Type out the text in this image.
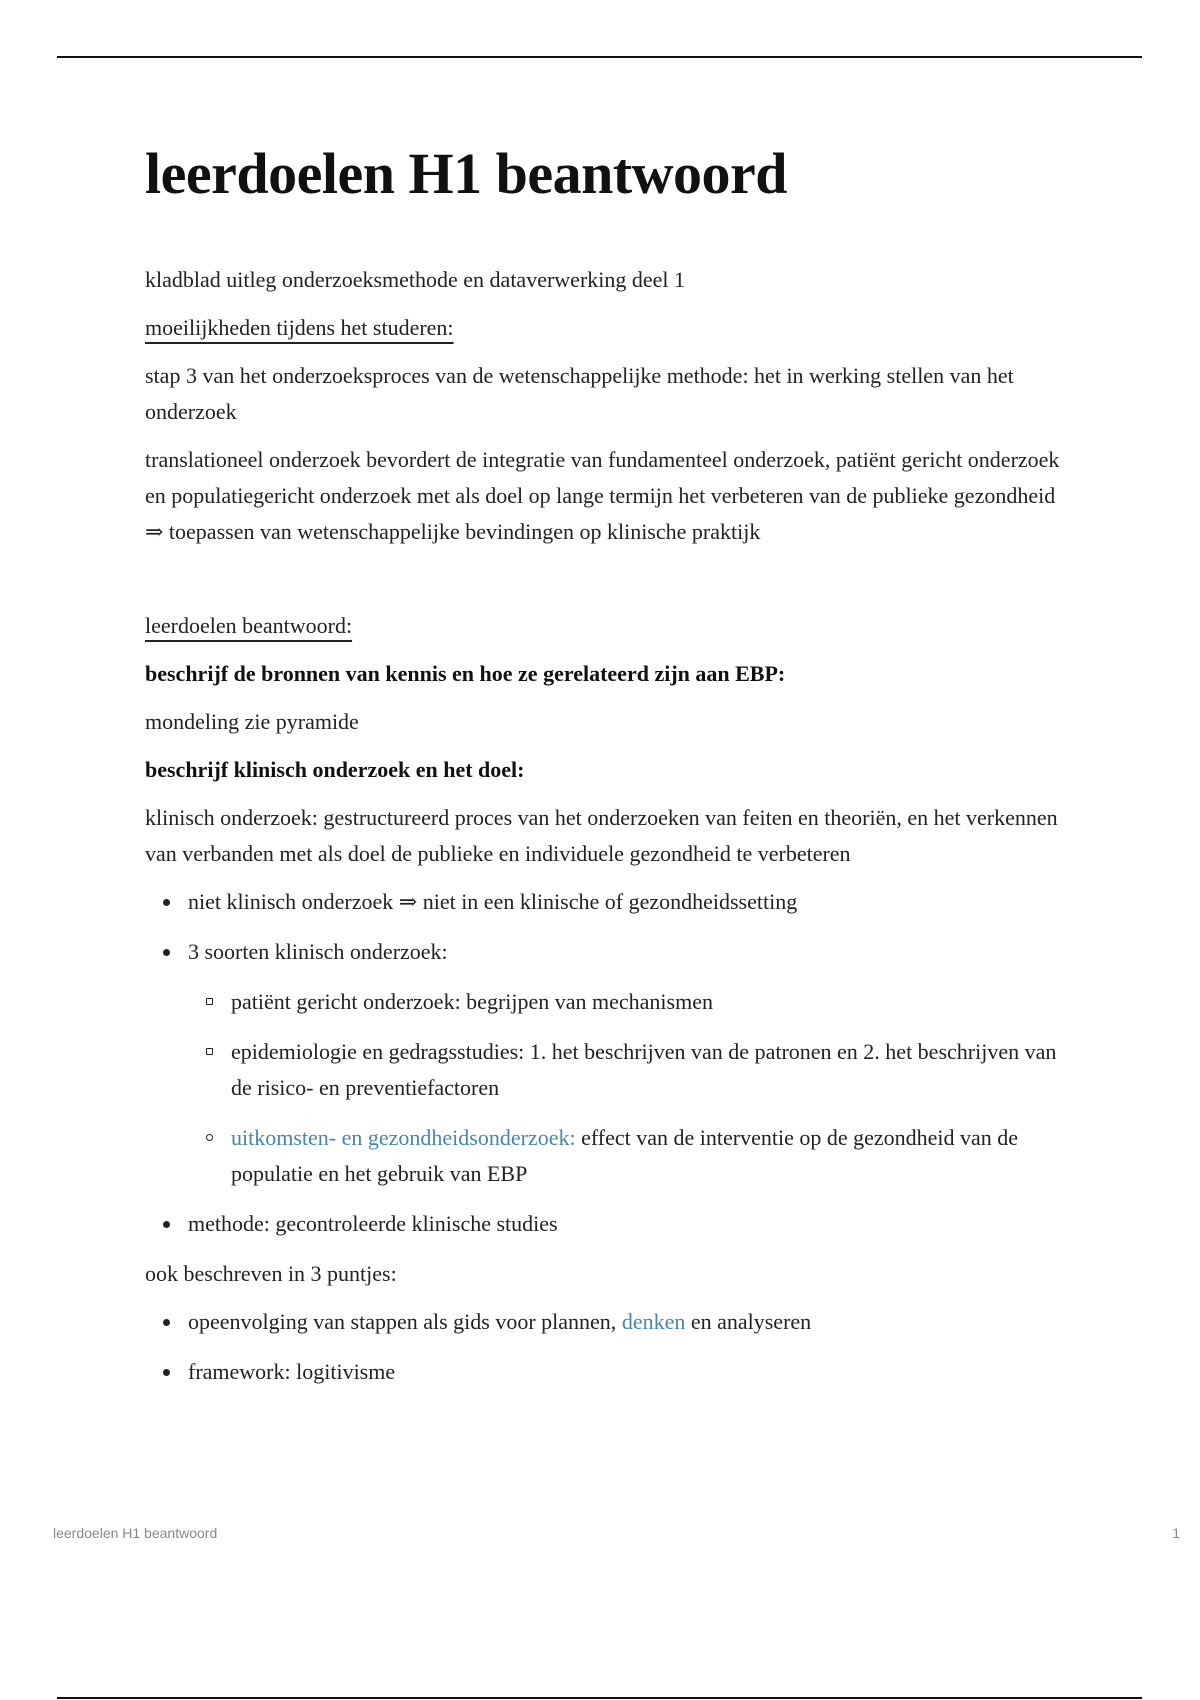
leerdoelen H1 beantwoord

kladblad uitleg onderzoeksmethode en dataverwerking deel 1

moeilijkheden tijdens het studeren:

stap 3 van het onderzoeksproces van de wetenschappelijke methode: het in werking stellen van het onderzoek

translationeel onderzoek bevordert de integratie van fundamenteel onderzoek, patiënt gericht onderzoek en populatiegericht onderzoek met als doel op lange termijn het verbeteren van de publieke gezondheid ⇒ toepassen van wetenschappelijke bevindingen op klinische praktijk

leerdoelen beantwoord:

beschrijf de bronnen van kennis en hoe ze gerelateerd zijn aan EBP:

mondeling zie pyramide

beschrijf klinisch onderzoek en het doel:

klinisch onderzoek: gestructureerd proces van het onderzoeken van feiten en theoriën, en het verkennen van verbanden met als doel de publieke en individuele gezondheid te verbeteren

niet klinisch onderzoek ⇒ niet in een klinische of gezondheidssetting
3 soorten klinisch onderzoek:
patiënt gericht onderzoek: begrijpen van mechanismen
epidemiologie en gedragsstudies: 1. het beschrijven van de patronen en 2. het beschrijven van de risico- en preventiefactoren
uitkomsten- en gezondheidsonderzoek: effect van de interventie op de gezondheid van de populatie en het gebruik van EBP
methode: gecontroleerde klinische studies

ook beschreven in 3 puntjes:

opeenvolging van stappen als gids voor plannen, denken en analyseren
framework: logitivisme
leerdoelen H1 beantwoord	1
